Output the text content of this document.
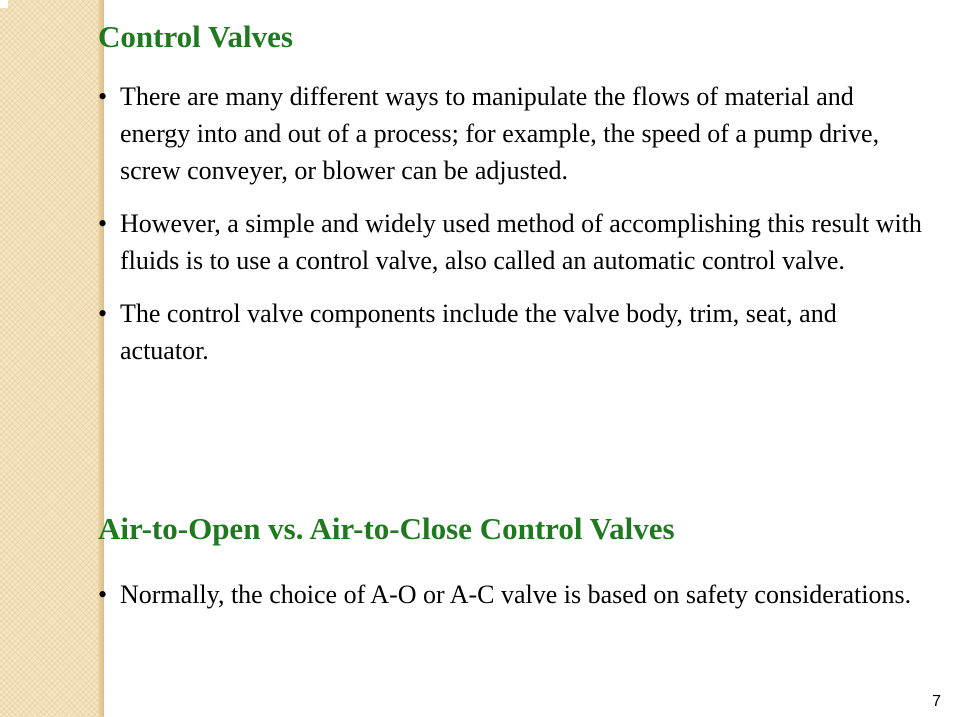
Control Valves
• There are many different ways to manipulate the flows of material and energy into and out of a process; for example, the speed of a pump drive, screw conveyer, or blower can be adjusted.
• However, a simple and widely used method of accomplishing this result with fluids is to use a control valve, also called an automatic control valve.
• The control valve components include the valve body, trim, seat, and actuator.
Air-to-Open vs. Air-to-Close Control Valves
• Normally, the choice of A-O or A-C valve is based on safety considerations.
7
